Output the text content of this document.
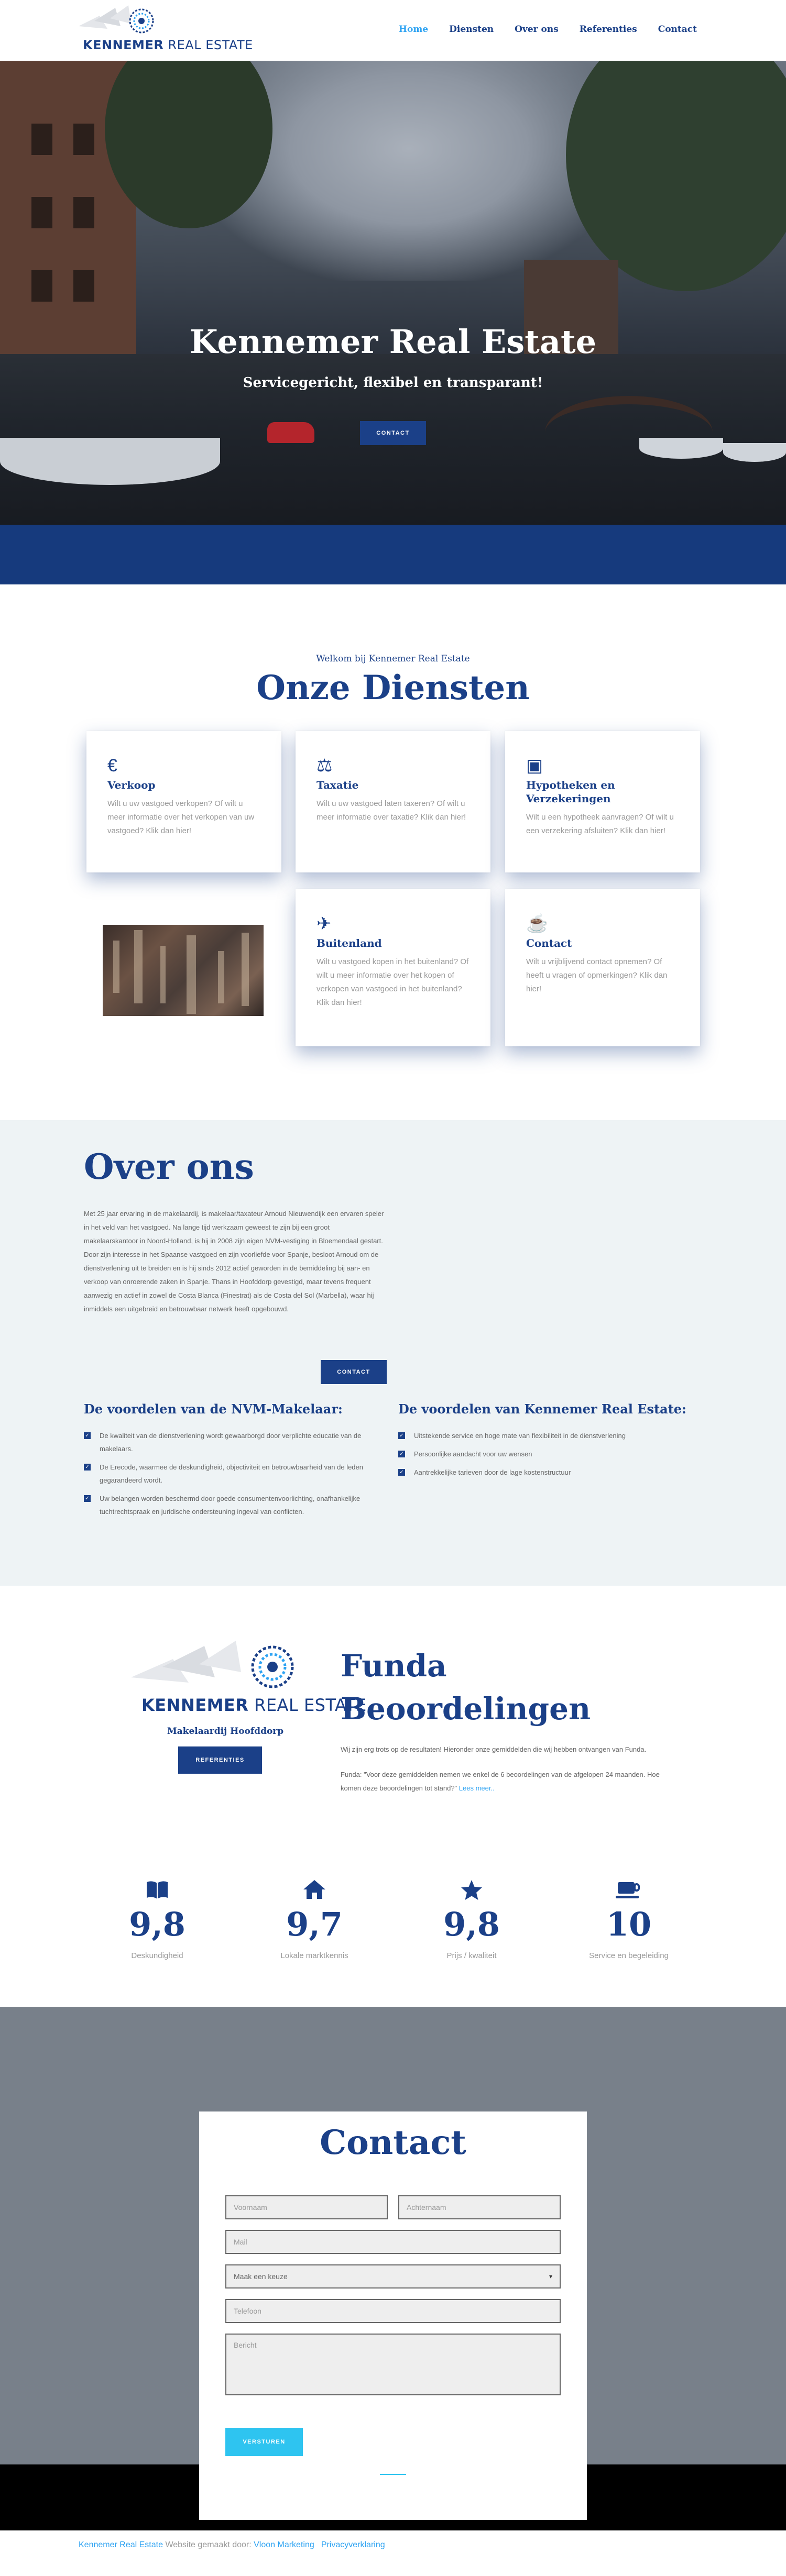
KENNEMER REAL ESTATE
Home Diensten Over ons Referenties Contact
Kennemer Real Estate
Servicegericht, flexibel en transparant!
CONTACT
Welkom bij Kennemer Real Estate
Onze Diensten
€
Verkoop

Wilt u uw vastgoed verkopen? Of wilt u meer informatie over het verkopen van uw vastgoed? Klik dan hier!

⚖
Taxatie

Wilt u uw vastgoed laten taxeren? Of wilt u meer informatie over taxatie? Klik dan hier!

▣
Hypotheken en Verzekeringen

Wilt u een hypotheek aanvragen? Of wilt u een verzekering afsluiten? Klik dan hier!

✈
Buitenland

Wilt u vastgoed kopen in het buitenland? Of wilt u meer informatie over het kopen of verkopen van vastgoed in het buitenland? Klik dan hier!

☕
Contact

Wilt u vrijblijvend contact opnemen? Of heeft u vragen of opmerkingen? Klik dan hier!

Over ons

Met 25 jaar ervaring in de makelaardij, is makelaar/taxateur Arnoud Nieuwendijk een ervaren speler in het veld van het vastgoed. Na lange tijd werkzaam geweest te zijn bij een groot makelaarskantoor in Noord-Holland, is hij in 2008 zijn eigen NVM-vestiging in Bloemendaal gestart. Door zijn interesse in het Spaanse vastgoed en zijn voorliefde voor Spanje, besloot Arnoud om de dienstverlening uit te breiden en is hij sinds 2012 actief geworden in de bemiddeling bij aan- en verkoop van onroerende zaken in Spanje. Thans in Hoofddorp gevestigd, maar tevens frequent aanwezig en actief in zowel de Costa Blanca (Finestrat) als de Costa del Sol (Marbella), waar hij inmiddels een uitgebreid en betrouwbaar netwerk heeft opgebouwd.

CONTACT
De voordelen van de NVM-Makelaar:
✓ De kwaliteit van de dienstverlening wordt gewaarborgd door verplichte educatie van de makelaars.
✓ De Erecode, waarmee de deskundigheid, objectiviteit en betrouwbaarheid van de leden gegarandeerd wordt.
✓ Uw belangen worden beschermd door goede consumentenvoorlichting, onafhankelijke tuchtrechtspraak en juridische ondersteuning ingeval van conflicten.
De voordelen van Kennemer Real Estate:
✓ Uitstekende service en hoge mate van flexibiliteit in de dienstverlening
✓ Persoonlijke aandacht voor uw wensen
✓ Aantrekkelijke tarieven door de lage kostenstructuur
KENNEMER REAL ESTATE
Makelaardij Hoofddorp
REFERENTIES
Funda
Beoordelingen

Wij zijn erg trots op de resultaten! Hieronder onze gemiddelden die wij hebben ontvangen van Funda.

Funda: "Voor deze gemiddelden nemen we enkel de 6 beoordelingen van de afgelopen 24 maanden. Hoe komen deze beoordelingen tot stand?" Lees meer..

9,8
Deskundigheid
9,7
Lokale marktkennis
9,8
Prijs / kwaliteit
10
Service en begeleiding
Contact
Voornaam	Achternaam
Mail
Maak een keuze	▾
Telefoon
Bericht
VERSTUREN
Kennemer Real Estate Website gemaakt door: Vloon Marketing | Privacyverklaring
